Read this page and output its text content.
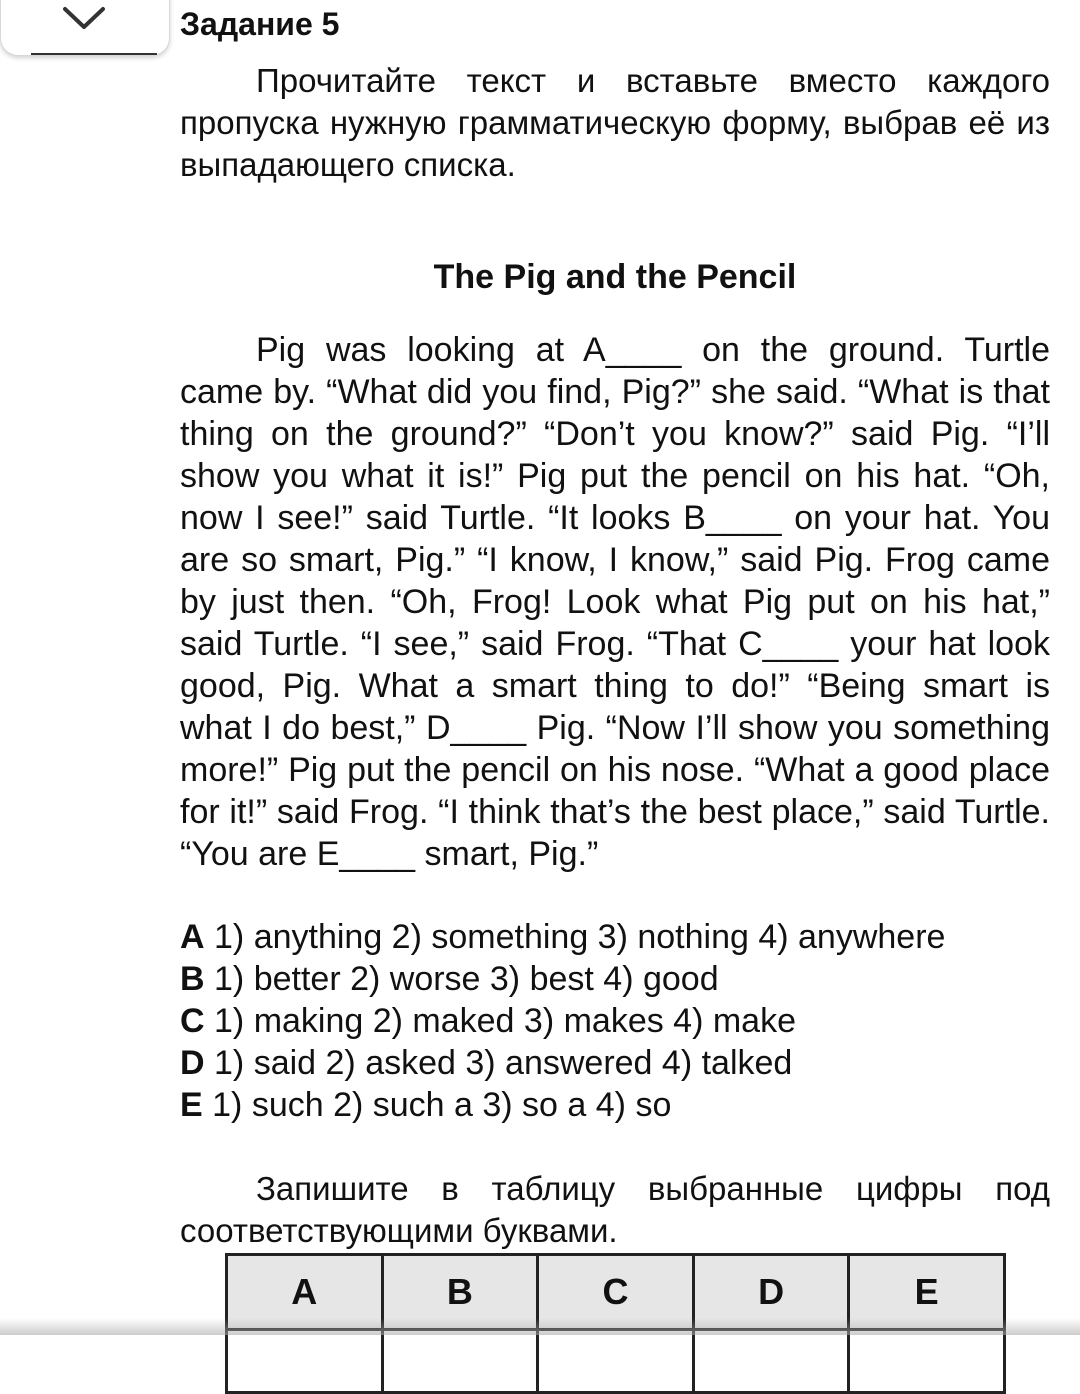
Задание 5

Прочитайте текст и вставьте вместо каждого пропуска нужную грамматическую форму, выбрав её из выпадающего списка.

The Pig and the Pencil

Pig was looking at A____ on the ground. Turtle came by. “What did you find, Pig?” she said. “What is that thing on the ground?” “Don’t you know?” said Pig. “I’ll show you what it is!” Pig put the pencil on his hat. “Oh, now I see!” said Turtle. “It looks B____ on your hat. You are so smart, Pig.” “I know, I know,” said Pig. Frog came by just then. “Oh, Frog! Look what Pig put on his hat,” said Turtle. “I see,” said Frog. “That C____ your hat look good, Pig. What a smart thing to do!” “Being smart is what I do best,” D____ Pig. “Now I’ll show you something more!” Pig put the pencil on his nose. “What a good place for it!” said Frog. “I think that’s the best place,” said Turtle. “You are E____ smart, Pig.”

A 1) anything 2) something 3) nothing 4) anywhere
B 1) better 2) worse 3) best 4) good
C 1) making 2) maked 3) makes 4) make
D 1) said 2) asked 3) answered 4) talked
E 1) such 2) such a 3) so a 4) so

Запишите в таблицу выбранные цифры под соответствующими буквами.

A	B	C	D	E
